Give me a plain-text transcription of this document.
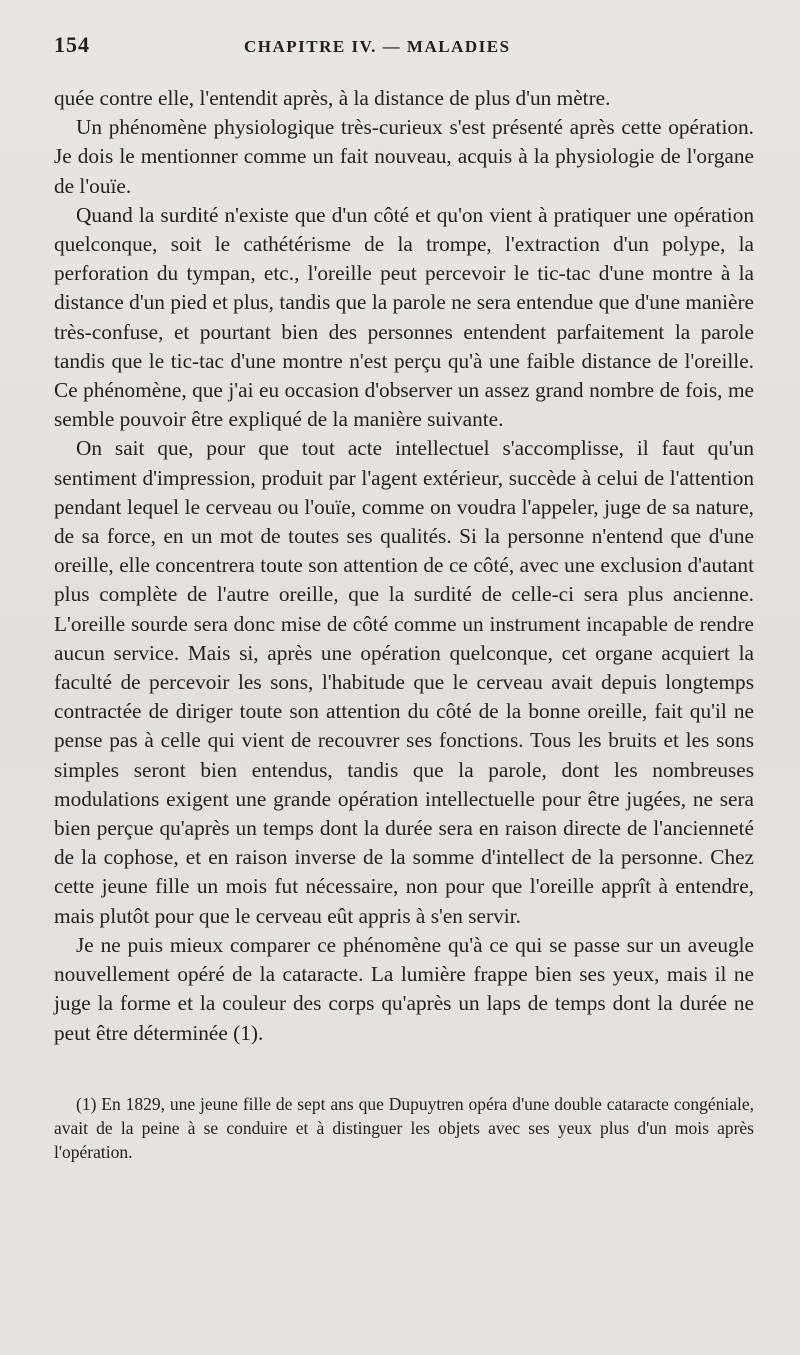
154	CHAPITRE IV. — MALADIES

quée contre elle, l'entendit après, à la distance de plus d'un mètre.

Un phénomène physiologique très-curieux s'est présenté après cette opération. Je dois le mentionner comme un fait nouveau, acquis à la physiologie de l'organe de l'ouïe.

Quand la surdité n'existe que d'un côté et qu'on vient à pratiquer une opération quelconque, soit le cathétérisme de la trompe, l'extraction d'un polype, la perforation du tympan, etc., l'oreille peut percevoir le tic-tac d'une montre à la distance d'un pied et plus, tandis que la parole ne sera entendue que d'une manière très-confuse, et pourtant bien des personnes entendent parfaitement la parole tandis que le tic-tac d'une montre n'est perçu qu'à une faible distance de l'oreille. Ce phénomène, que j'ai eu occasion d'observer un assez grand nombre de fois, me semble pouvoir être expliqué de la manière suivante.

On sait que, pour que tout acte intellectuel s'accomplisse, il faut qu'un sentiment d'impression, produit par l'agent extérieur, succède à celui de l'attention pendant lequel le cerveau ou l'ouïe, comme on voudra l'appeler, juge de sa nature, de sa force, en un mot de toutes ses qualités. Si la personne n'entend que d'une oreille, elle concentrera toute son attention de ce côté, avec une exclusion d'autant plus complète de l'autre oreille, que la surdité de celle-ci sera plus ancienne. L'oreille sourde sera donc mise de côté comme un instrument incapable de rendre aucun service. Mais si, après une opération quelconque, cet organe acquiert la faculté de percevoir les sons, l'habitude que le cerveau avait depuis longtemps contractée de diriger toute son attention du côté de la bonne oreille, fait qu'il ne pense pas à celle qui vient de recouvrer ses fonctions. Tous les bruits et les sons simples seront bien entendus, tandis que la parole, dont les nombreuses modulations exigent une grande opération intellectuelle pour être jugées, ne sera bien perçue qu'après un temps dont la durée sera en raison directe de l'ancienneté de la cophose, et en raison inverse de la somme d'intellect de la personne. Chez cette jeune fille un mois fut nécessaire, non pour que l'oreille apprît à entendre, mais plutôt pour que le cerveau eût appris à s'en servir.

Je ne puis mieux comparer ce phénomène qu'à ce qui se passe sur un aveugle nouvellement opéré de la cataracte. La lumière frappe bien ses yeux, mais il ne juge la forme et la couleur des corps qu'après un laps de temps dont la durée ne peut être déterminée (1).

(1) En 1829, une jeune fille de sept ans que Dupuytren opéra d'une double cataracte congéniale, avait de la peine à se conduire et à distinguer les objets avec ses yeux plus d'un mois après l'opération.
